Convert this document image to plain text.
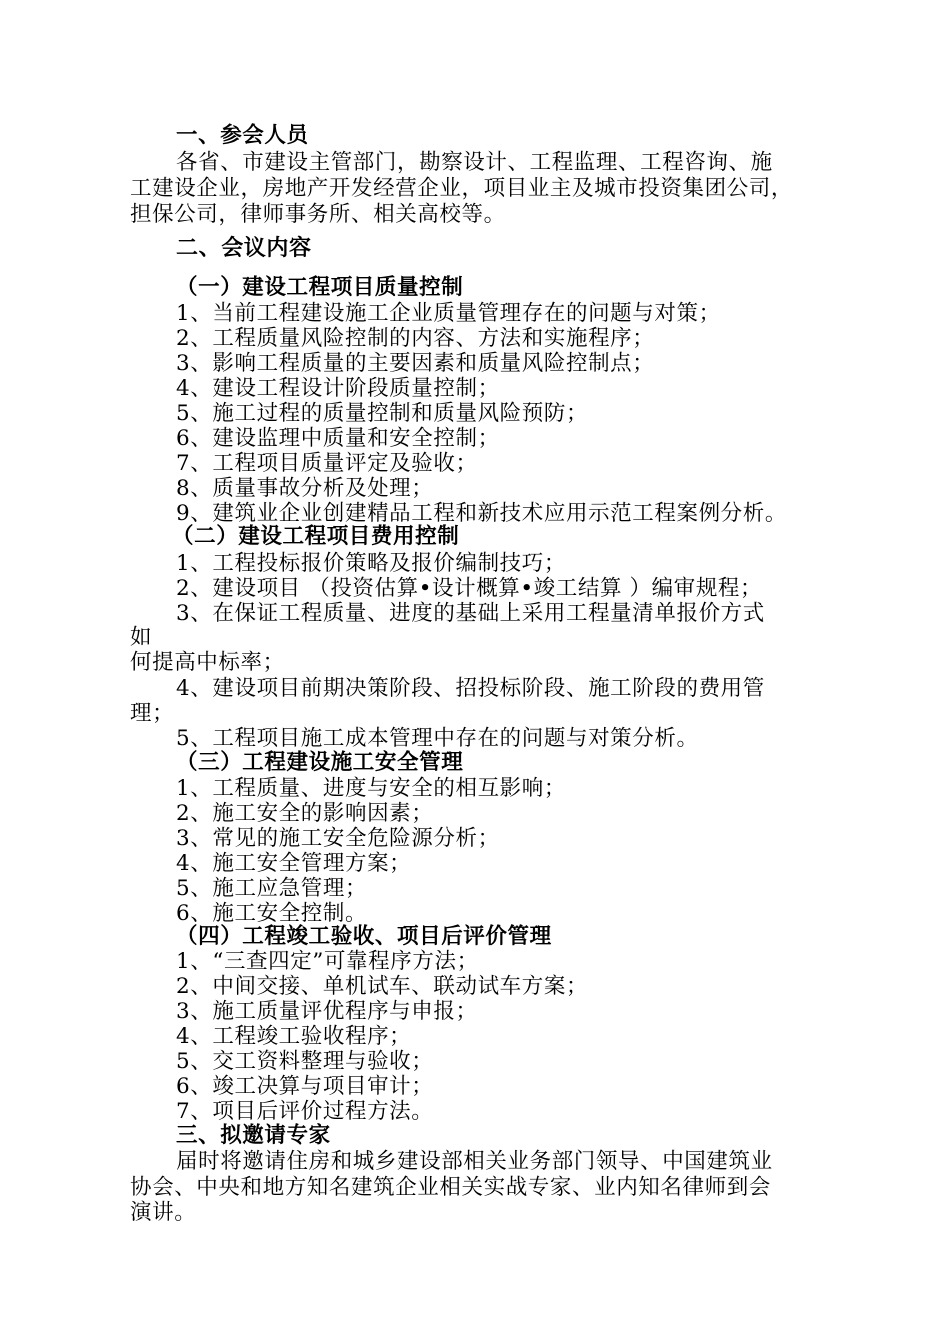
一、参会人员
各省、市建设主管部门，勘察设计、工程监理、工程咨询、施
工建设企业，房地产开发经营企业，项目业主及城市投资集团公司，
担保公司，律师事务所、相关高校等。
二、会议内容
（一）建设工程项目质量控制
1、当前工程建设施工企业质量管理存在的问题与对策；
2、工程质量风险控制的内容、方法和实施程序；
3、影响工程质量的主要因素和质量风险控制点；
4、建设工程设计阶段质量控制；
5、施工过程的质量控制和质量风险预防；
6、建设监理中质量和安全控制；
7、工程项目质量评定及验收；
8、质量事故分析及处理；
9、建筑业企业创建精品工程和新技术应用示范工程案例分析。
（二）建设工程项目费用控制
1、工程投标报价策略及报价编制技巧；
2、建设项目 （投资估算•设计概算•竣工结算 ）编审规程；
3、在保证工程质量、进度的基础上采用工程量清单报价方式
如
何提高中标率；
4、建设项目前期决策阶段、招投标阶段、施工阶段的费用管
理；
5、工程项目施工成本管理中存在的问题与对策分析。
（三）工程建设施工安全管理
1、工程质量、进度与安全的相互影响；
2、施工安全的影响因素；
3、常见的施工安全危险源分析；
4、施工安全管理方案；
5、施工应急管理；
6、施工安全控制。
（四）工程竣工验收、项目后评价管理
1、“三查四定”可靠程序方法；
2、中间交接、单机试车、联动试车方案；
3、施工质量评优程序与申报；
4、工程竣工验收程序；
5、交工资料整理与验收；
6、竣工决算与项目审计；
7、项目后评价过程方法。
三、拟邀请专家
届时将邀请住房和城乡建设部相关业务部门领导、中国建筑业
协会、中央和地方知名建筑企业相关实战专家、业内知名律师到会
演讲。
